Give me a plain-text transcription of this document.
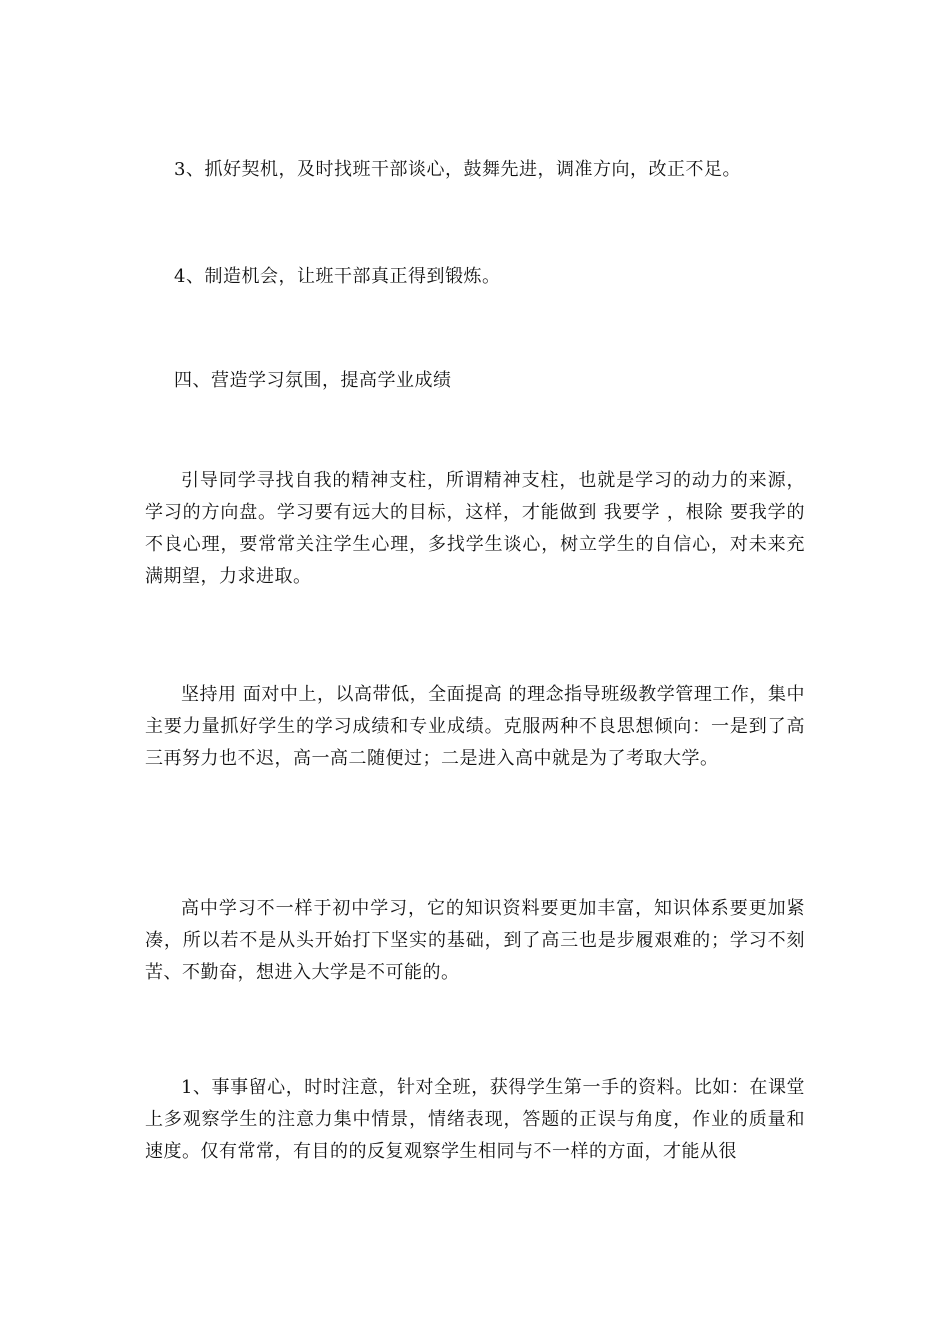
3、抓好契机，及时找班干部谈心，鼓舞先进，调准方向，改正不足。

4、制造机会，让班干部真正得到锻炼。

四、营造学习氛围，提高学业成绩

引导同学寻找自我的精神支柱，所谓精神支柱，也就是学习的动力的来源，学习的方向盘。学习要有远大的目标，这样，才能做到 我要学 ，根除 要我学的不良心理，要常常关注学生心理，多找学生谈心，树立学生的自信心，对未来充满期望，力求进取。

坚持用 面对中上，以高带低，全面提高 的理念指导班级教学管理工作，集中主要力量抓好学生的学习成绩和专业成绩。克服两种不良思想倾向：一是到了高三再努力也不迟，高一高二随便过；二是进入高中就是为了考取大学。

高中学习不一样于初中学习，它的知识资料要更加丰富，知识体系要更加紧凑，所以若不是从头开始打下坚实的基础，到了高三也是步履艰难的；学习不刻苦、不勤奋，想进入大学是不可能的。

1、事事留心，时时注意，针对全班，获得学生第一手的资料。比如：在课堂上多观察学生的注意力集中情景，情绪表现，答题的正误与角度，作业的质量和速度。仅有常常，有目的的反复观察学生相同与不一样的方面，才能从很
